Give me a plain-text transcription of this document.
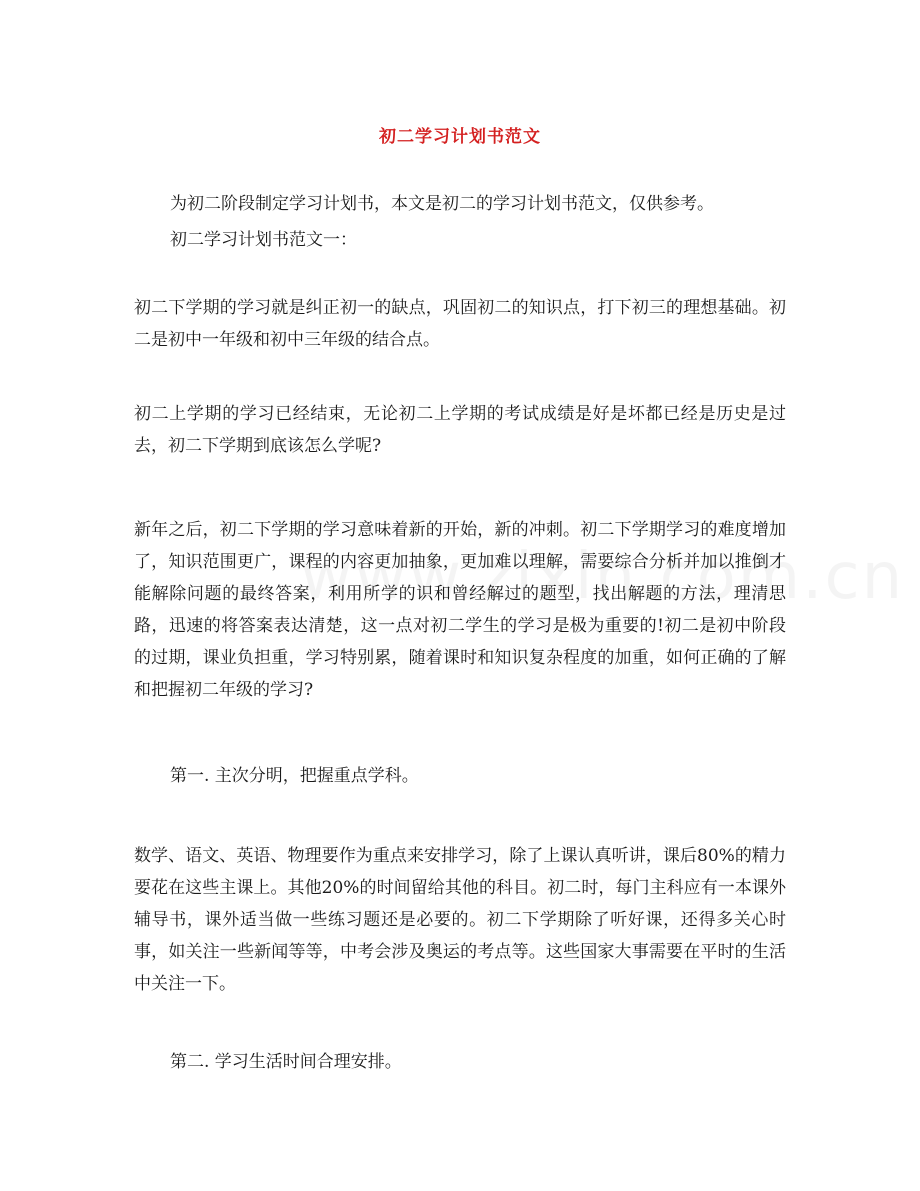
初二学习计划书范文
为初二阶段制定学习计划书，本文是初二的学习计划书范文，仅供参考。
初二学习计划书范文一：
初二下学期的学习就是纠正初一的缺点，巩固初二的知识点，打下初三的理想基础。初二是初中一年级和初中三年级的结合点。
初二上学期的学习已经结束，无论初二上学期的考试成绩是好是坏都已经是历史是过去，初二下学期到底该怎么学呢?
新年之后，初二下学期的学习意味着新的开始，新的冲刺。初二下学期学习的难度增加了，知识范围更广，课程的内容更加抽象，更加难以理解，需要综合分析并加以推倒才能解除问题的最终答案，利用所学的识和曾经解过的题型，找出解题的方法，理清思路，迅速的将答案表达清楚，这一点对初二学生的学习是极为重要的!初二是初中阶段的过期，课业负担重，学习特别累，随着课时和知识复杂程度的加重，如何正确的了解和把握初二年级的学习?
第一. 主次分明，把握重点学科。
数学、语文、英语、物理要作为重点来安排学习，除了上课认真听讲，课后80%的精力要花在这些主课上。其他20%的时间留给其他的科目。初二时，每门主科应有一本课外辅导书，课外适当做一些练习题还是必要的。初二下学期除了听好课，还得多关心时事，如关注一些新闻等等，中考会涉及奥运的考点等。这些国家大事需要在平时的生活中关注一下。
第二. 学习生活时间合理安排。
